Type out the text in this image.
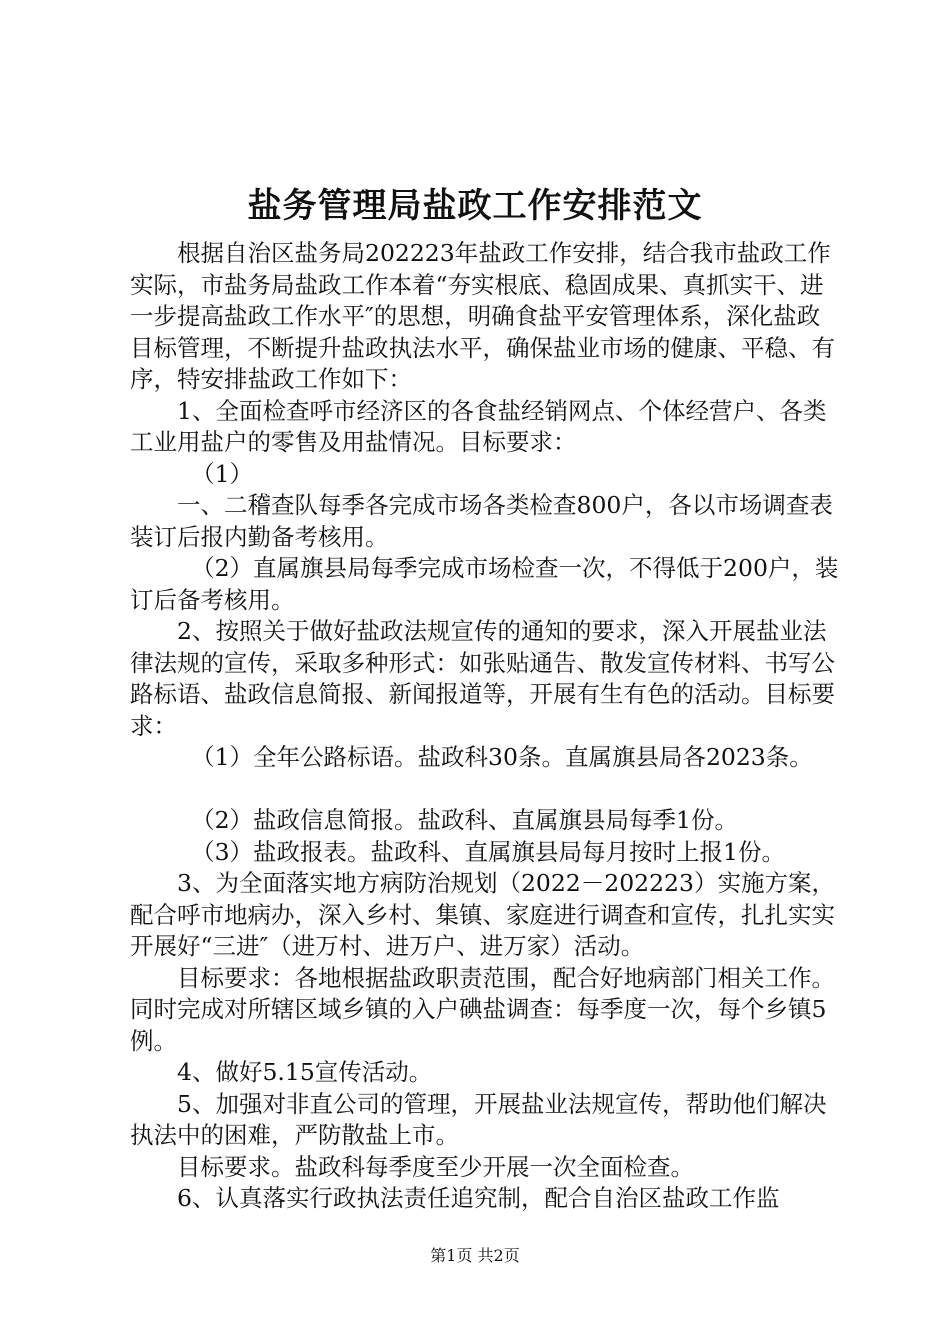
盐务管理局盐政工作安排范文

根据自治区盐务局202223年盐政工作安排，结合我市盐政工作实际，市盐务局盐政工作本着“夯实根底、稳固成果、真抓实干、进一步提高盐政工作水平″的思想，明确食盐平安管理体系，深化盐政目标管理，不断提升盐政执法水平，确保盐业市场的健康、平稳、有序，特安排盐政工作如下：

1、全面检查呼市经济区的各食盐经销网点、个体经营户、各类工业用盐户的零售及用盐情况。目标要求：

（1）

一、二稽查队每季各完成市场各类检查800户，各以市场调查表装订后报内勤备考核用。

（2）直属旗县局每季完成市场检查一次，不得低于200户，装订后备考核用。

2、按照关于做好盐政法规宣传的通知的要求，深入开展盐业法律法规的宣传，采取多种形式：如张贴通告、散发宣传材料、书写公路标语、盐政信息简报、新闻报道等，开展有生有色的活动。目标要求：

（1）全年公路标语。盐政科30条。直属旗县局各2023条。

（2）盐政信息简报。盐政科、直属旗县局每季1份。

（3）盐政报表。盐政科、直属旗县局每月按时上报1份。

3、为全面落实地方病防治规划（2022－202223）实施方案，配合呼市地病办，深入乡村、集镇、家庭进行调查和宣传，扎扎实实开展好“三进″（进万村、进万户、进万家）活动。

目标要求：各地根据盐政职责范围，配合好地病部门相关工作。同时完成对所辖区域乡镇的入户碘盐调查：每季度一次，每个乡镇5例。

4、做好5.15宣传活动。

5、加强对非直公司的管理，开展盐业法规宣传，帮助他们解决执法中的困难，严防散盐上市。

目标要求。盐政科每季度至少开展一次全面检查。

6、认真落实行政执法责任追究制，配合自治区盐政工作监

第1页 共2页
